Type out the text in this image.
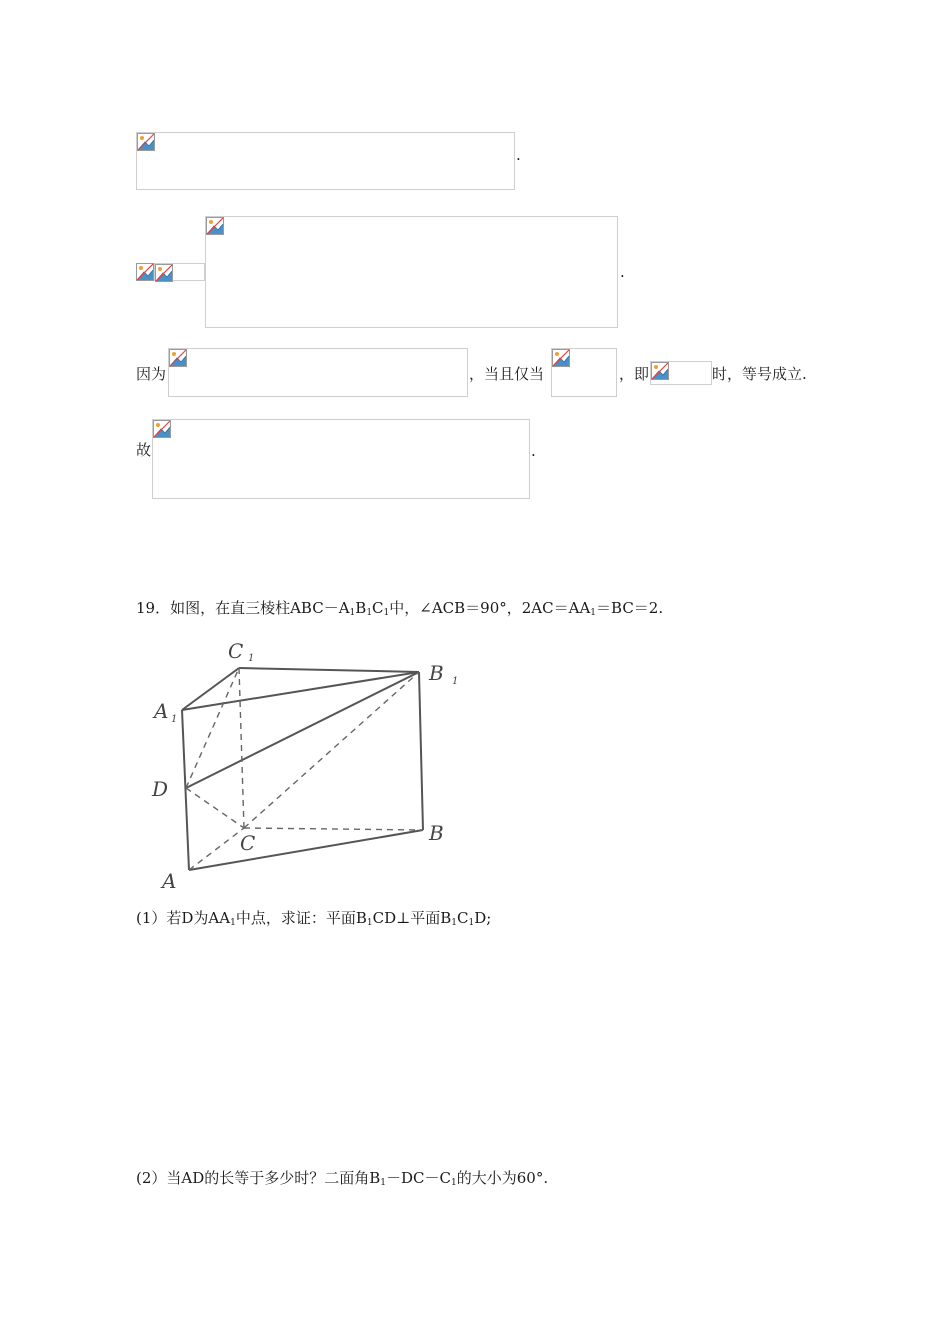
.
.
因为	，当且仅当	，即	时，等号成立.
故	.
19．如图，在直三棱柱$ABC-A_1B_1C_1$中，∠ACB＝90°，$2AC=AA_1=BC=2$.
C 1
B 1
A 1
D
C	B
A
(1）若D为$AA_1$中点，求证：平面$B_1CD\perp$平面$B_1C_1D$;
(2）当AD的长等于多少时？二面角$B_1-DC-C_1$的大小为60°.
